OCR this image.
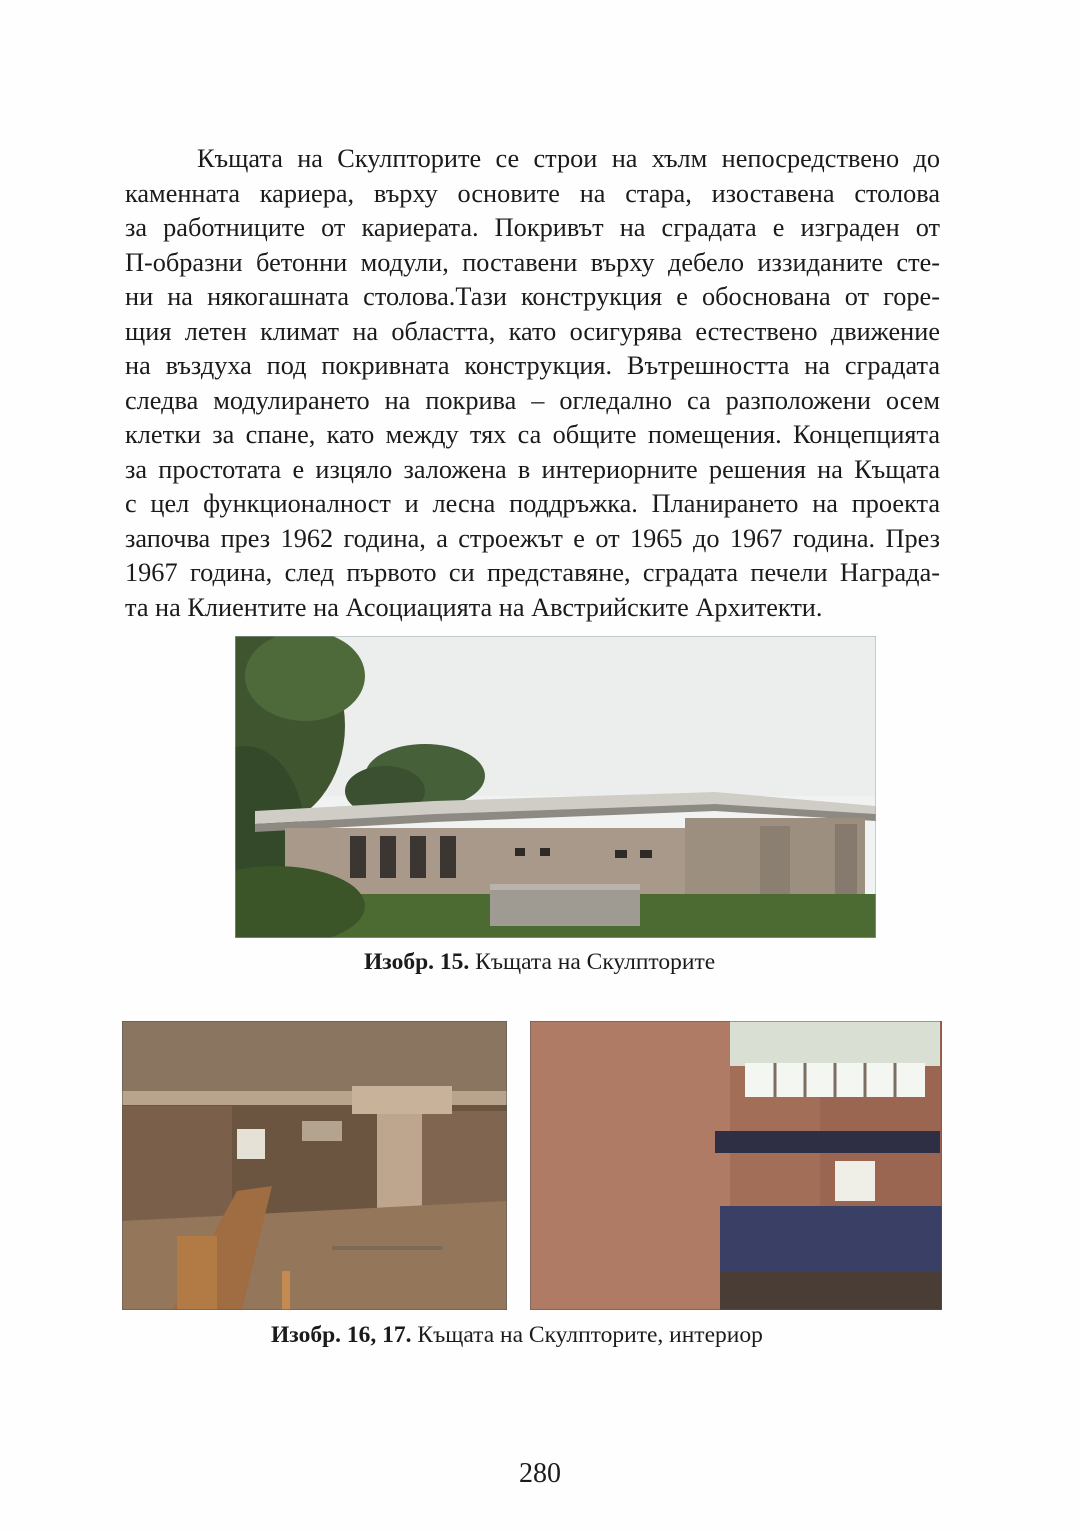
Къщата на Скулпторите се строи на хълм непосредствено до
каменната кариера, върху основите на стара, изоставена столова
за работниците от кариерата. Покривът на сградата е изграден от
П-образни бетонни модули, поставени върху дебело иззиданите сте-
ни на някогашната столова.Тази конструкция е обоснована от горе-
щия летен климат на областта, като осигурява естествено движение
на въздуха под покривната конструкция. Вътрешността на сградата
следва модулирането на покрива – огледално са разположени осем
клетки за спане, като между тях са общите помещения. Концепцията
за простотата е изцяло заложена в интериорните решения на Къщата
с цел функционалност и лесна поддръжка. Планирането на проекта
започва през 1962 година, а строежът е от 1965 до 1967 година. През
1967 година, след първото си представяне, сградата печели Наградa-
та на Клиентите на Асоциацията на Австрийските Архитекти.
Изобр. 15. Къщата на Скулпторите
Изобр. 16, 17. Къщата на Скулпторите, интериор
280
